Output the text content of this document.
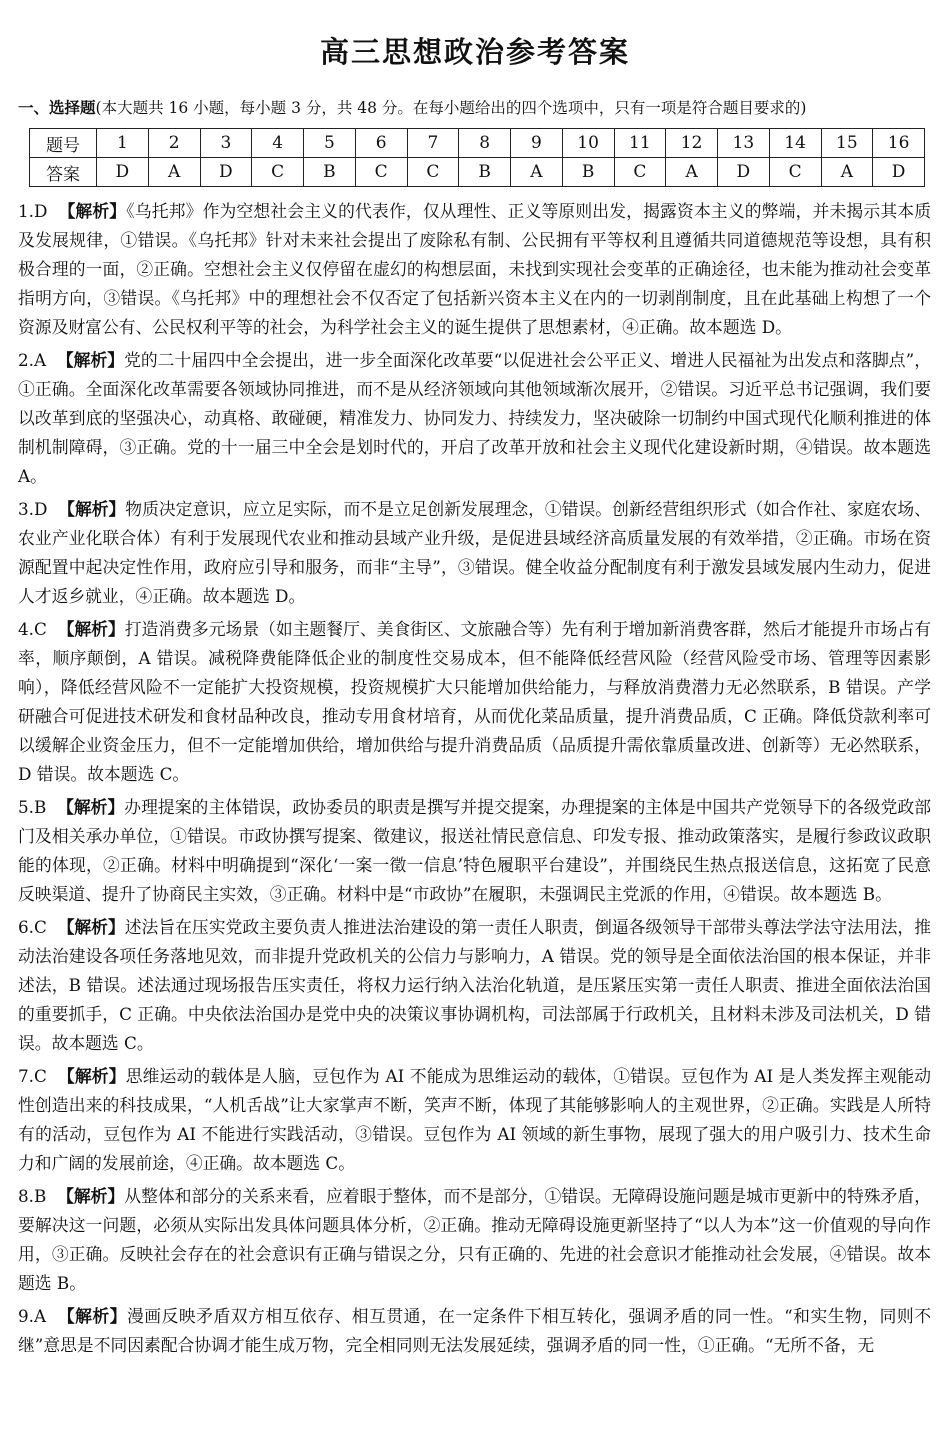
高三思想政治参考答案
一、选择题(本大题共 16 小题，每小题 3 分，共 48 分。在每小题给出的四个选项中，只有一项是符合题目要求的)
题号	1	2	3	4	5	6	7	8	9	10	11	12	13	14	15	16
答案	D	A	D	C	B	C	C	B	A	B	C	A	D	C	A	D

1.D 【解析】《乌托邦》作为空想社会主义的代表作，仅从理性、正义等原则出发，揭露资本主义的弊端，并未揭示其本质及发展规律，①错误。《乌托邦》针对未来社会提出了废除私有制、公民拥有平等权利且遵循共同道德规范等设想，具有积极合理的一面，②正确。空想社会主义仅停留在虚幻的构想层面，未找到实现社会变革的正确途径，也未能为推动社会变革指明方向，③错误。《乌托邦》中的理想社会不仅否定了包括新兴资本主义在内的一切剥削制度，且在此基础上构想了一个资源及财富公有、公民权利平等的社会，为科学社会主义的诞生提供了思想素材，④正确。故本题选 D。

2.A 【解析】党的二十届四中全会提出，进一步全面深化改革要“以促进社会公平正义、增进人民福祉为出发点和落脚点”，①正确。全面深化改革需要各领域协同推进，而不是从经济领域向其他领域渐次展开，②错误。习近平总书记强调，我们要以改革到底的坚强决心，动真格、敢碰硬，精准发力、协同发力、持续发力，坚决破除一切制约中国式现代化顺利推进的体制机制障碍，③正确。党的十一届三中全会是划时代的，开启了改革开放和社会主义现代化建设新时期，④错误。故本题选 A。

3.D 【解析】物质决定意识，应立足实际，而不是立足创新发展理念，①错误。创新经营组织形式（如合作社、家庭农场、农业产业化联合体）有利于发展现代农业和推动县域产业升级，是促进县域经济高质量发展的有效举措，②正确。市场在资源配置中起决定性作用，政府应引导和服务，而非“主导”，③错误。健全收益分配制度有利于激发县域发展内生动力，促进人才返乡就业，④正确。故本题选 D。

4.C 【解析】打造消费多元场景（如主题餐厅、美食街区、文旅融合等）先有利于增加新消费客群，然后才能提升市场占有率，顺序颠倒，A 错误。减税降费能降低企业的制度性交易成本，但不能降低经营风险（经营风险受市场、管理等因素影响），降低经营风险不一定能扩大投资规模，投资规模扩大只能增加供给能力，与释放消费潜力无必然联系，B 错误。产学研融合可促进技术研发和食材品种改良，推动专用食材培育，从而优化菜品质量，提升消费品质，C 正确。降低贷款利率可以缓解企业资金压力，但不一定能增加供给，增加供给与提升消费品质（品质提升需依靠质量改进、创新等）无必然联系，D 错误。故本题选 C。

5.B 【解析】办理提案的主体错误，政协委员的职责是撰写并提交提案，办理提案的主体是中国共产党领导下的各级党政部门及相关承办单位，①错误。市政协撰写提案、徵建议，报送社情民意信息、印发专报、推动政策落实，是履行参政议政职能的体现，②正确。材料中明确提到“深化‘一案一徵一信息’特色履职平台建设”，并围绕民生热点报送信息，这拓宽了民意反映渠道、提升了协商民主实效，③正确。材料中是“市政协”在履职，未强调民主党派的作用，④错误。故本题选 B。

6.C 【解析】述法旨在压实党政主要负责人推进法治建设的第一责任人职责，倒逼各级领导干部带头尊法学法守法用法，推动法治建设各项任务落地见效，而非提升党政机关的公信力与影响力，A 错误。党的领导是全面依法治国的根本保证，并非述法，B 错误。述法通过现场报告压实责任，将权力运行纳入法治化轨道，是压紧压实第一责任人职责、推进全面依法治国的重要抓手，C 正确。中央依法治国办是党中央的决策议事协调机构，司法部属于行政机关，且材料未涉及司法机关，D 错误。故本题选 C。

7.C 【解析】思维运动的载体是人脑，豆包作为 AI 不能成为思维运动的载体，①错误。豆包作为 AI 是人类发挥主观能动性创造出来的科技成果，“人机舌战”让大家掌声不断，笑声不断，体现了其能够影响人的主观世界，②正确。实践是人所特有的活动，豆包作为 AI 不能进行实践活动，③错误。豆包作为 AI 领域的新生事物，展现了强大的用户吸引力、技术生命力和广阔的发展前途，④正确。故本题选 C。

8.B 【解析】从整体和部分的关系来看，应着眼于整体，而不是部分，①错误。无障碍设施问题是城市更新中的特殊矛盾，要解决这一问题，必须从实际出发具体问题具体分析，②正确。推动无障碍设施更新坚持了“以人为本”这一价值观的导向作用，③正确。反映社会存在的社会意识有正确与错误之分，只有正确的、先进的社会意识才能推动社会发展，④错误。故本题选 B。

9.A 【解析】漫画反映矛盾双方相互依存、相互贯通，在一定条件下相互转化，强调矛盾的同一性。“和实生物，同则不继”意思是不同因素配合协调才能生成万物，完全相同则无法发展延续，强调矛盾的同一性，①正确。“无所不备，无
